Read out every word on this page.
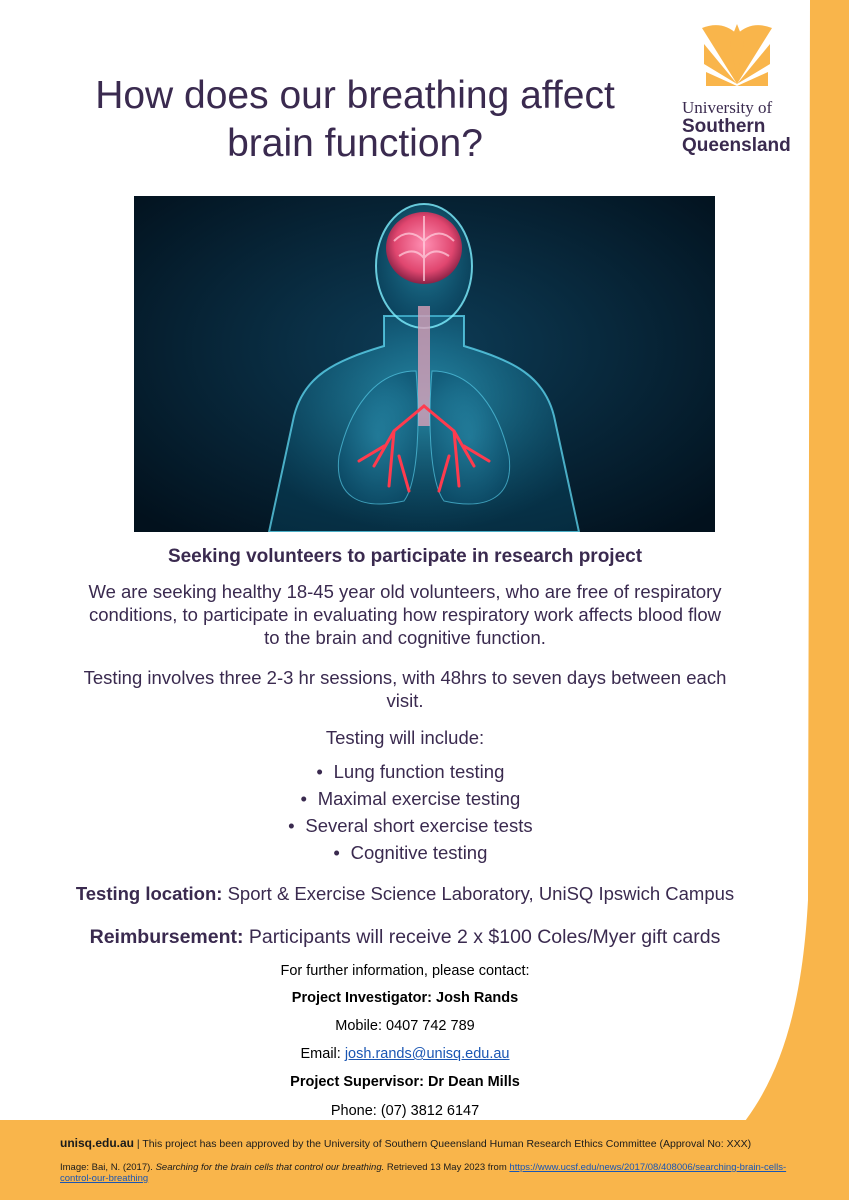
How does our breathing affect
brain function?
University of
Southern
Queensland

Seeking volunteers to participate in research project

We are seeking healthy 18-45 year old volunteers, who are free of respiratory
conditions, to participate in evaluating how respiratory work affects blood flow
to the brain and cognitive function.

Testing involves three 2-3 hr sessions, with 48hrs to seven days between each
visit.

Testing will include:

• Lung function testing
• Maximal exercise testing
• Several short exercise tests
• Cognitive testing

Testing location: Sport & Exercise Science Laboratory, UniSQ Ipswich Campus

Reimbursement: Participants will receive 2 x $100 Coles/Myer gift cards

For further information, please contact:

Project Investigator: Josh Rands

Mobile: 0407 742 789

Email: josh.rands@unisq.edu.au

Project Supervisor: Dr Dean Mills

Phone: (07) 3812 6147

unisq.edu.au | This project has been approved by the University of Southern Queensland Human Research Ethics Committee (Approval No: XXX)

Image: Bai, N. (2017). Searching for the brain cells that control our breathing. Retrieved 13 May 2023 from https://www.ucsf.edu/news/2017/08/408006/searching-brain-cells-control-our-breathing
